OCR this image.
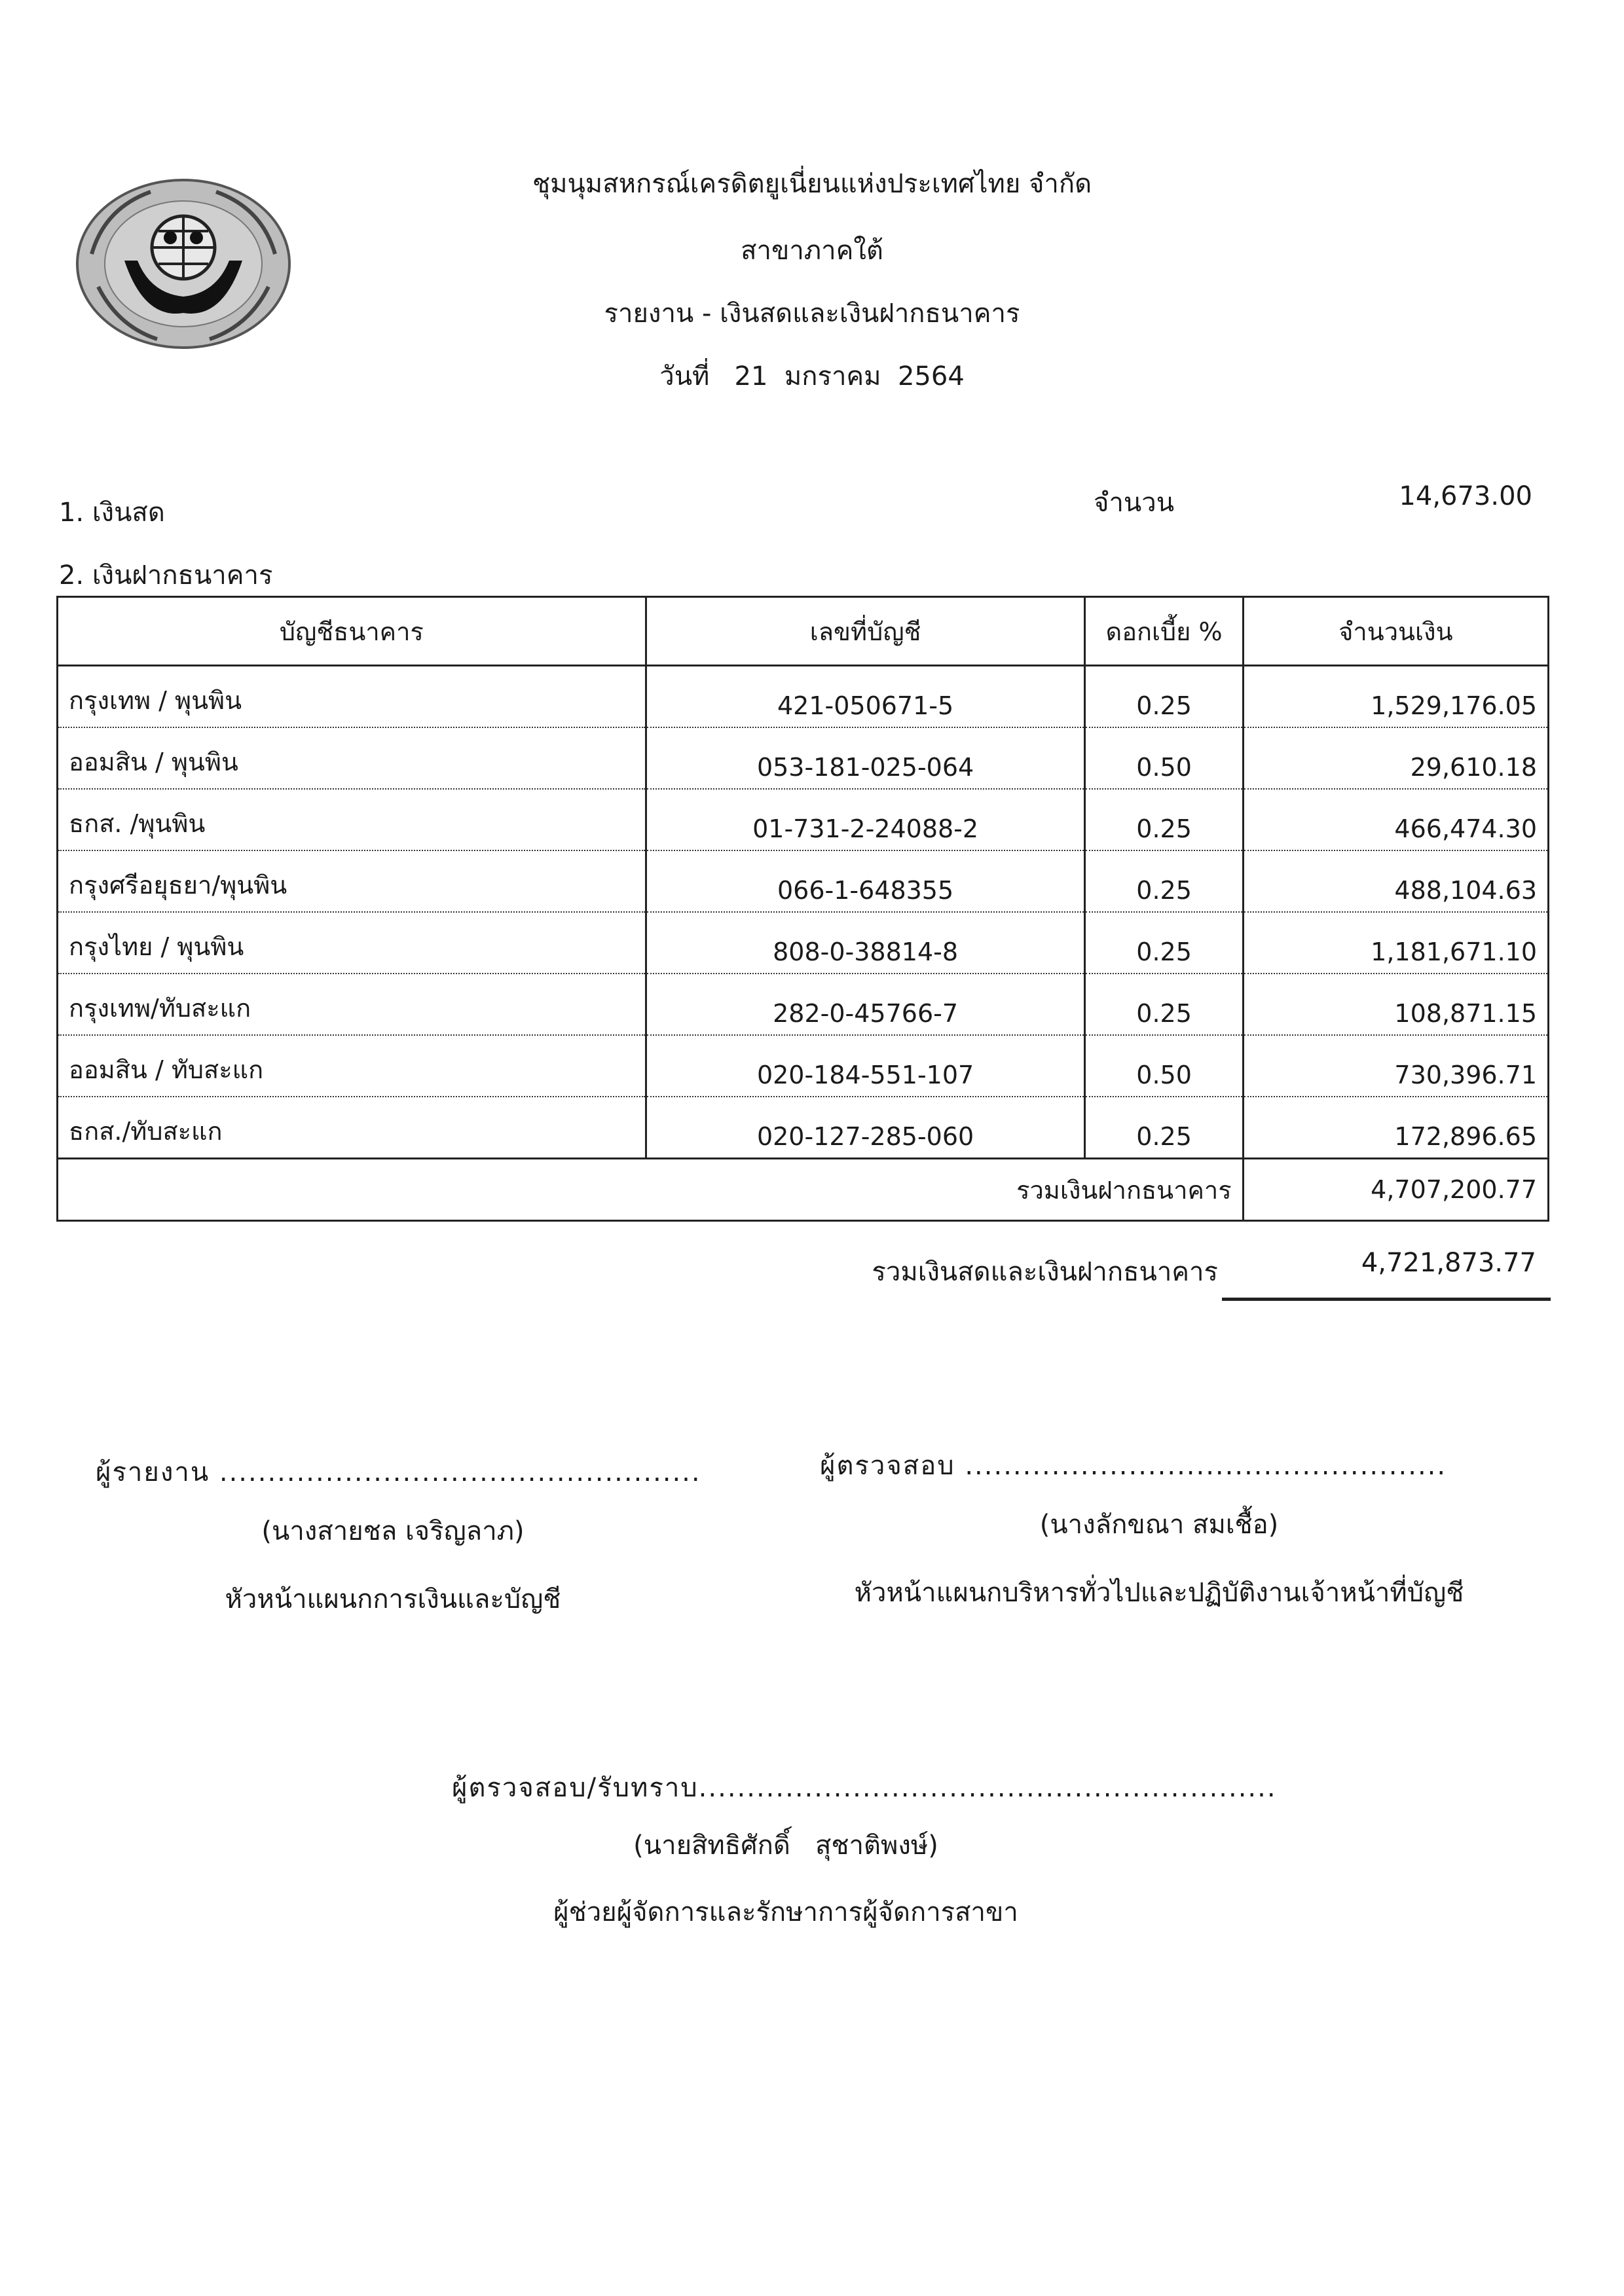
ชุมนุมสหกรณ์เครดิตยูเนี่ยนแห่งประเทศไทย จำกัด
สาขาภาคใต้
รายงาน - เงินสดและเงินฝากธนาคาร
วันที่   21  มกราคม  2564
1. เงินสด	จำนวน	14,673.00
2. เงินฝากธนาคาร
บัญชีธนาคาร	เลขที่บัญชี	ดอกเบี้ย %	จำนวนเงิน
กรุงเทพ / พุนพิน	421-050671-5	0.25	1,529,176.05
ออมสิน / พุนพิน	053-181-025-064	0.50	29,610.18
ธกส. /พุนพิน	01-731-2-24088-2	0.25	466,474.30
กรุงศรีอยุธยา/พุนพิน	066-1-648355	0.25	488,104.63
กรุงไทย / พุนพิน	808-0-38814-8	0.25	1,181,671.10
กรุงเทพ/ทับสะแก	282-0-45766-7	0.25	108,871.15
ออมสิน / ทับสะแก	020-184-551-107	0.50	730,396.71
ธกส./ทับสะแก	020-127-285-060	0.25	172,896.65
รวมเงินฝากธนาคาร			4,707,200.77
รวมเงินสดและเงินฝากธนาคาร	4,721,873.77
ผู้รายงาน ..................................................
(นางสายชล เจริญลาภ)
หัวหน้าแผนกการเงินและบัญชี
ผู้ตรวจสอบ ..................................................
(นางลักขณา สมเชื้อ)
หัวหน้าแผนกบริหารทั่วไปและปฏิบัติงานเจ้าหน้าที่บัญชี
ผู้ตรวจสอบ/รับทราบ............................................................
(นายสิทธิศักดิ์   สุชาติพงษ์)
ผู้ช่วยผู้จัดการและรักษาการผู้จัดการสาขา
